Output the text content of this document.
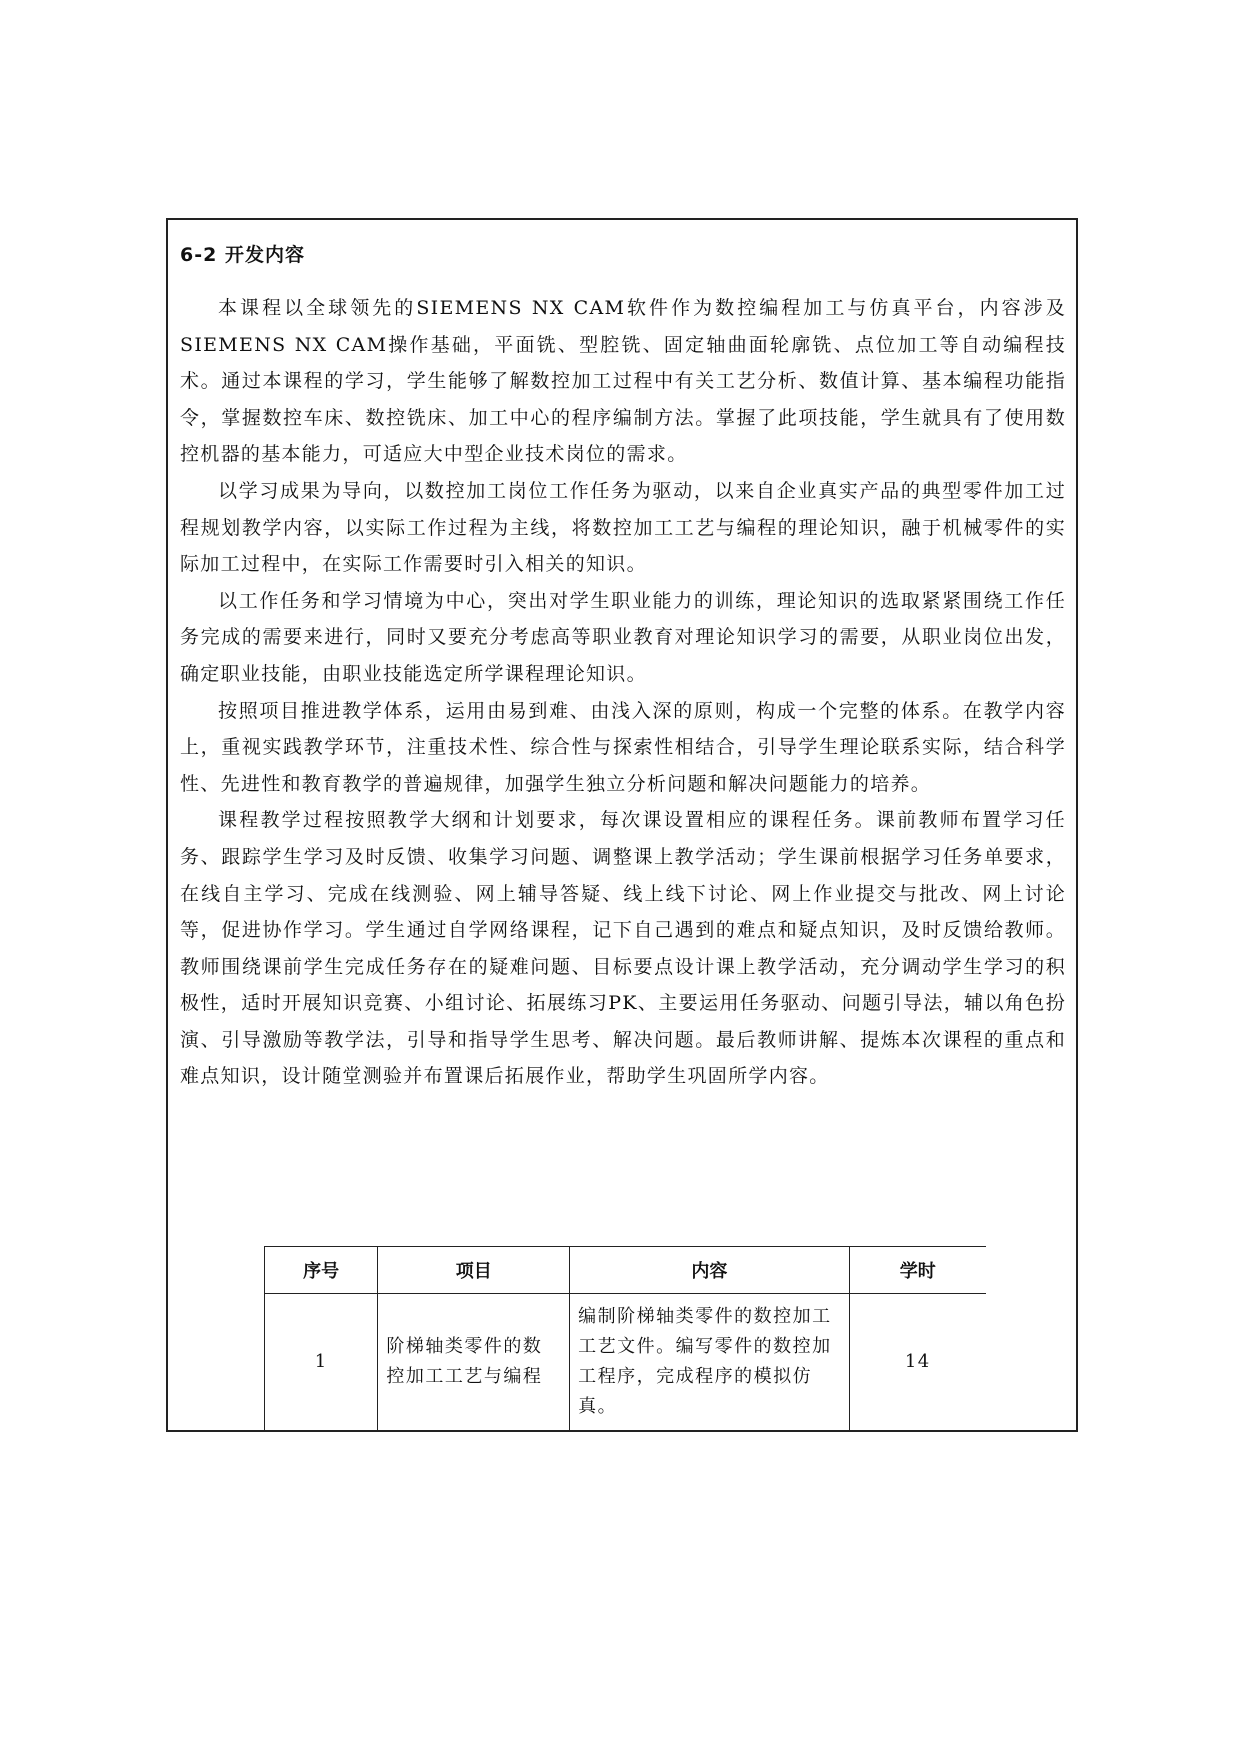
6-2 开发内容

本课程以全球领先的SIEMENS NX CAM软件作为数控编程加工与仿真平台，内容涉及SIEMENS NX CAM操作基础，平面铣、型腔铣、固定轴曲面轮廓铣、点位加工等自动编程技术。通过本课程的学习，学生能够了解数控加工过程中有关工艺分析、数值计算、基本编程功能指令，掌握数控车床、数控铣床、加工中心的程序编制方法。掌握了此项技能，学生就具有了使用数控机器的基本能力，可适应大中型企业技术岗位的需求。

以学习成果为导向，以数控加工岗位工作任务为驱动，以来自企业真实产品的典型零件加工过程规划教学内容，以实际工作过程为主线，将数控加工工艺与编程的理论知识，融于机械零件的实际加工过程中，在实际工作需要时引入相关的知识。

以工作任务和学习情境为中心，突出对学生职业能力的训练，理论知识的选取紧紧围绕工作任务完成的需要来进行，同时又要充分考虑高等职业教育对理论知识学习的需要，从职业岗位出发，确定职业技能，由职业技能选定所学课程理论知识。

按照项目推进教学体系，运用由易到难、由浅入深的原则，构成一个完整的体系。在教学内容上，重视实践教学环节，注重技术性、综合性与探索性相结合，引导学生理论联系实际，结合科学性、先进性和教育教学的普遍规律，加强学生独立分析问题和解决问题能力的培养。

课程教学过程按照教学大纲和计划要求，每次课设置相应的课程任务。课前教师布置学习任务、跟踪学生学习及时反馈、收集学习问题、调整课上教学活动；学生课前根据学习任务单要求，在线自主学习、完成在线测验、网上辅导答疑、线上线下讨论、网上作业提交与批改、网上讨论等，促进协作学习。学生通过自学网络课程，记下自己遇到的难点和疑点知识，及时反馈给教师。教师围绕课前学生完成任务存在的疑难问题、目标要点设计课上教学活动，充分调动学生学习的积极性，适时开展知识竞赛、小组讨论、拓展练习PK、主要运用任务驱动、问题引导法，辅以角色扮演、引导激励等教学法，引导和指导学生思考、解决问题。最后教师讲解、提炼本次课程的重点和难点知识，设计随堂测验并布置课后拓展作业，帮助学生巩固所学内容。

序号	项目	内容	学时
1	阶梯轴类零件的数控加工工艺与编程	编制阶梯轴类零件的数控加工工艺文件。编写零件的数控加工程序，完成程序的模拟仿真。	14
